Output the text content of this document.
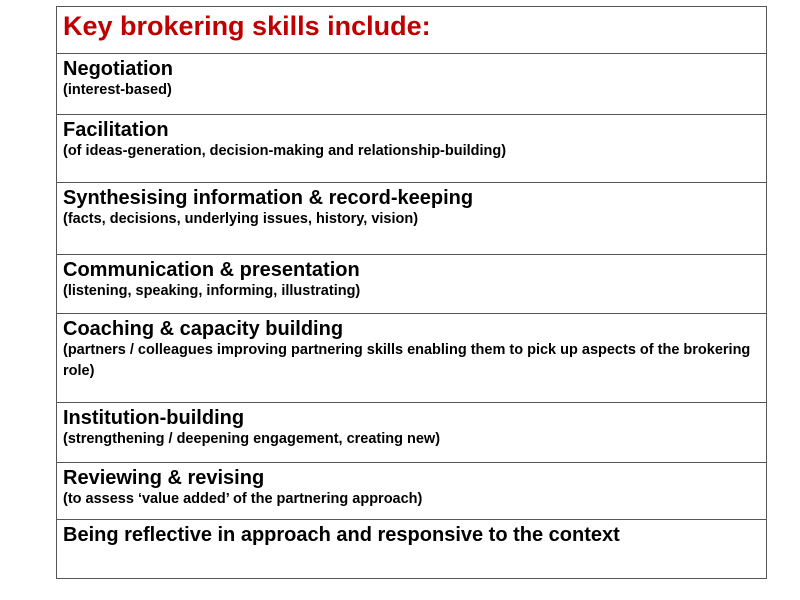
Key brokering skills include:

Negotiation
(interest-based)

Facilitation
(of ideas-generation, decision-making and relationship-building)

Synthesising information & record-keeping
(facts, decisions, underlying issues, history, vision)

Communication & presentation
(listening, speaking, informing, illustrating)

Coaching & capacity building
(partners / colleagues improving partnering skills enabling them to pick up aspects of the brokering role)

Institution-building
(strengthening / deepening engagement, creating new)

Reviewing & revising
(to assess ‘value added’ of the partnering approach)

Being reflective in approach and responsive to the context
